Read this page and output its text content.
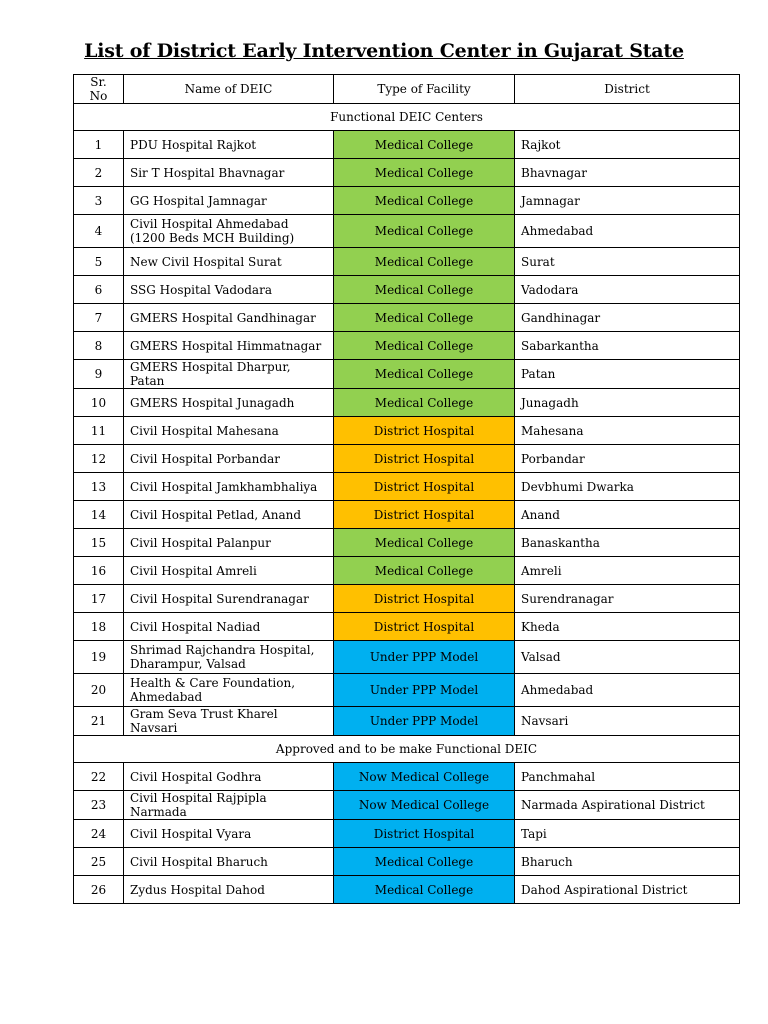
List of District Early Intervention Center in Gujarat State
Sr. No	Name of DEIC	Type of Facility	District
Functional DEIC Centers			
1	PDU Hospital Rajkot	Medical College	Rajkot
2	Sir T Hospital Bhavnagar	Medical College	Bhavnagar
3	GG Hospital Jamnagar	Medical College	Jamnagar
4	Civil Hospital Ahmedabad (1200 Beds MCH Building)	Medical College	Ahmedabad
5	New Civil Hospital Surat	Medical College	Surat
6	SSG Hospital Vadodara	Medical College	Vadodara
7	GMERS Hospital Gandhinagar	Medical College	Gandhinagar
8	GMERS Hospital Himmatnagar	Medical College	Sabarkantha
9	GMERS Hospital Dharpur, Patan	Medical College	Patan
10	GMERS Hospital Junagadh	Medical College	Junagadh
11	Civil Hospital Mahesana	District Hospital	Mahesana
12	Civil Hospital Porbandar	District Hospital	Porbandar
13	Civil Hospital Jamkhambhaliya	District Hospital	Devbhumi Dwarka
14	Civil Hospital Petlad, Anand	District Hospital	Anand
15	Civil Hospital Palanpur	Medical College	Banaskantha
16	Civil Hospital Amreli	Medical College	Amreli
17	Civil Hospital Surendranagar	District Hospital	Surendranagar
18	Civil Hospital Nadiad	District Hospital	Kheda
19	Shrimad Rajchandra Hospital, Dharampur, Valsad	Under PPP Model	Valsad
20	Health & Care Foundation, Ahmedabad	Under PPP Model	Ahmedabad
21	Gram Seva Trust Kharel Navsari	Under PPP Model	Navsari
Approved and to be make Functional DEIC			
22	Civil Hospital Godhra	Now Medical College	Panchmahal
23	Civil Hospital Rajpipla Narmada	Now Medical College	Narmada Aspirational District
24	Civil Hospital Vyara	District Hospital	Tapi
25	Civil Hospital Bharuch	Medical College	Bharuch
26	Zydus Hospital Dahod	Medical College	Dahod Aspirational District
